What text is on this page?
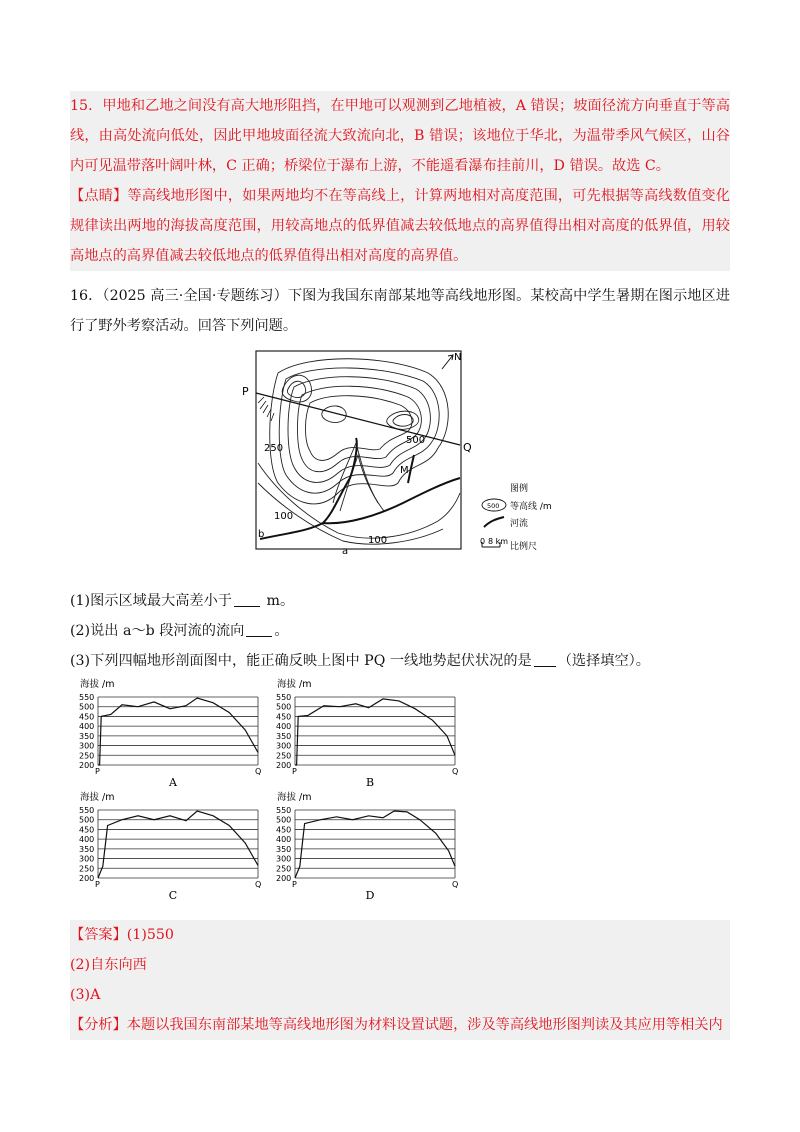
15．甲地和乙地之间没有高大地形阻挡，在甲地可以观测到乙地植被，A 错误；坡面径流方向垂直于等高
线，由高处流向低处，因此甲地坡面径流大致流向北，B 错误；该地位于华北，为温带季风气候区，山谷
内可见温带落叶阔叶林，C 正确；桥梁位于瀑布上游，不能遥看瀑布挂前川，D 错误。故选 C。
【点睛】等高线地形图中，如果两地均不在等高线上，计算两地相对高度范围，可先根据等高线数值变化
规律读出两地的海拔高度范围，用较高地点的低界值减去较低地点的高界值得出相对高度的低界值，用较
高地点的高界值减去较低地点的低界值得出相对高度的高界值。
16．（2025 高三·全国·专题练习）下图为我国东南部某地等高线地形图。某校高中学生暑期在图示地区进
行了野外考察活动。回答下列问题。
N
P
Q
M
a
b
250
500
100
100
图例
500 等高线 /m
河流
0 8 km
比例尺
(1)图示区域最大高差小于 m。
(2)说出 a～b 段河流的流向 。
(3)下列四幅地形剖面图中，能正确反映上图中 PQ 一线地势起伏状况的是 （选择填空）。
海拔 /m
550
500
450
400
350
300
250
200
P	Q
A
海拔 /m
550
500
450
400
350
300
250
200
P	Q
B
海拔 /m
550
500
450
400
350
300
250
200
P	Q
C
海拔 /m
550
500
450
400
350
300
250
200
P	Q
D
【答案】(1)550
(2)自东向西
(3)A
【分析】本题以我国东南部某地等高线地形图为材料设置试题，涉及等高线地形图判读及其应用等相关内
